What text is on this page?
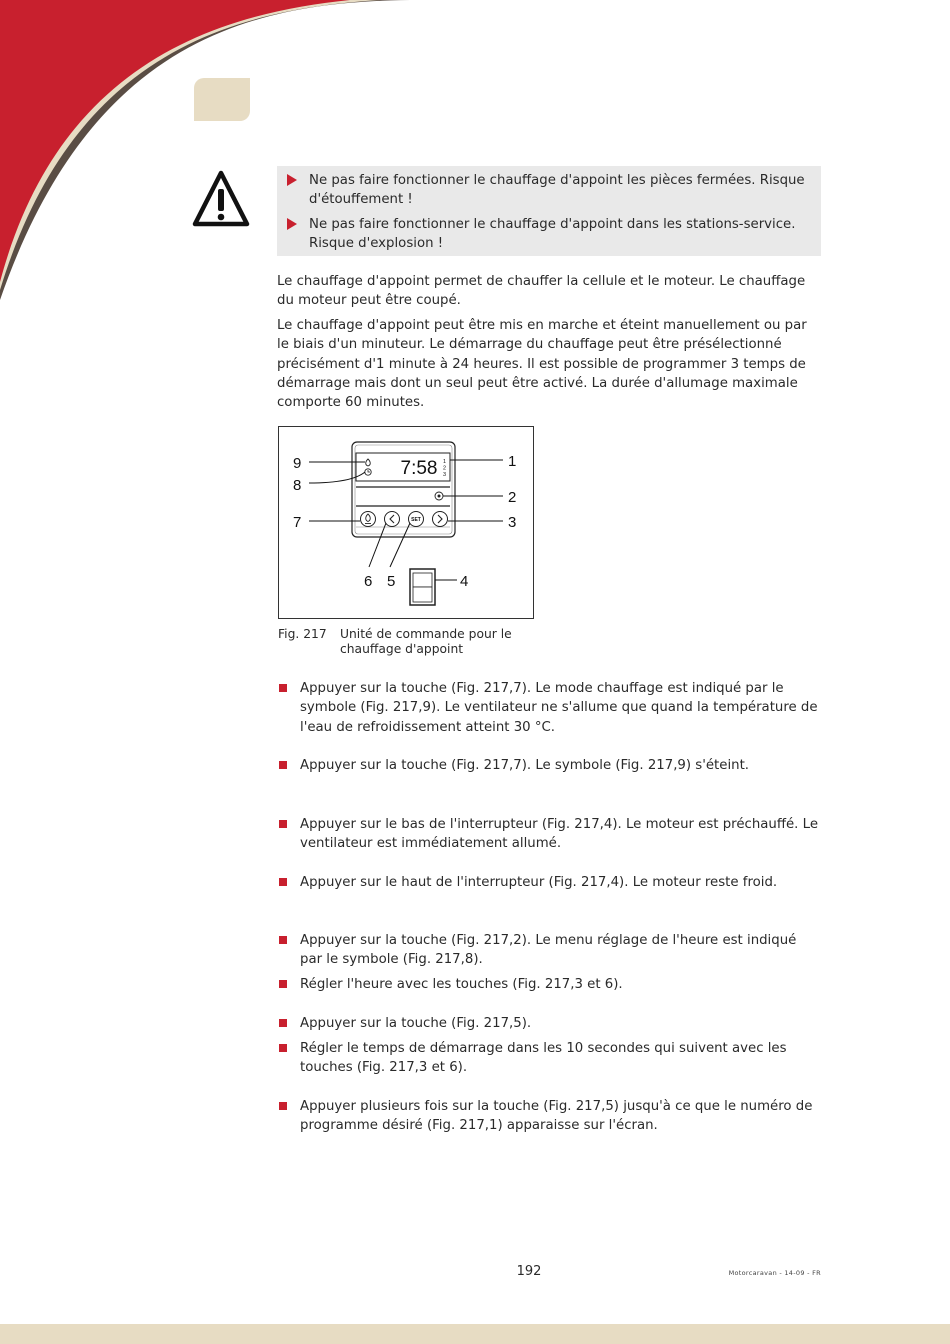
Ne pas faire fonctionner le chauffage d'appoint les pièces fermées. Risque d'étouffement !
Ne pas faire fonctionner le chauffage d'appoint dans les stations-service. Risque d'explosion !

Le chauffage d'appoint permet de chauffer la cellule et le moteur. Le chauffage du moteur peut être coupé.

Le chauffage d'appoint peut être mis en marche et éteint manuellement ou par le biais d'un minuteur. Le démarrage du chauffage peut être présélectionné précisément d'1 minute à 24 heures. Il est possible de programmer 3 temps de démarrage mais dont un seul peut être activé. La durée d'allumage maximale comporte 60 minutes.

7:58 1
2
3
SET
1
2
3
4
5
6
7
8
9
Fig. 217 Unité de commande pour le chauffage d'appoint
Appuyer sur la touche (Fig. 217,7). Le mode chauffage est indiqué par le symbole (Fig. 217,9). Le ventilateur ne s'allume que quand la température de l'eau de refroidissement atteint 30 °C.
Appuyer sur la touche (Fig. 217,7). Le symbole (Fig. 217,9) s'éteint.
Appuyer sur le bas de l'interrupteur (Fig. 217,4). Le moteur est préchauffé. Le ventilateur est immédiatement allumé.
Appuyer sur le haut de l'interrupteur (Fig. 217,4). Le moteur reste froid.
Appuyer sur la touche (Fig. 217,2). Le menu réglage de l'heure est indiqué par le symbole (Fig. 217,8).
Régler l'heure avec les touches (Fig. 217,3 et 6).
Appuyer sur la touche (Fig. 217,5).
Régler le temps de démarrage dans les 10 secondes qui suivent avec les touches (Fig. 217,3 et 6).
Appuyer plusieurs fois sur la touche (Fig. 217,5) jusqu'à ce que le numéro de programme désiré (Fig. 217,1) apparaisse sur l'écran.
192	Motorcaravan - 14-09 - FR
